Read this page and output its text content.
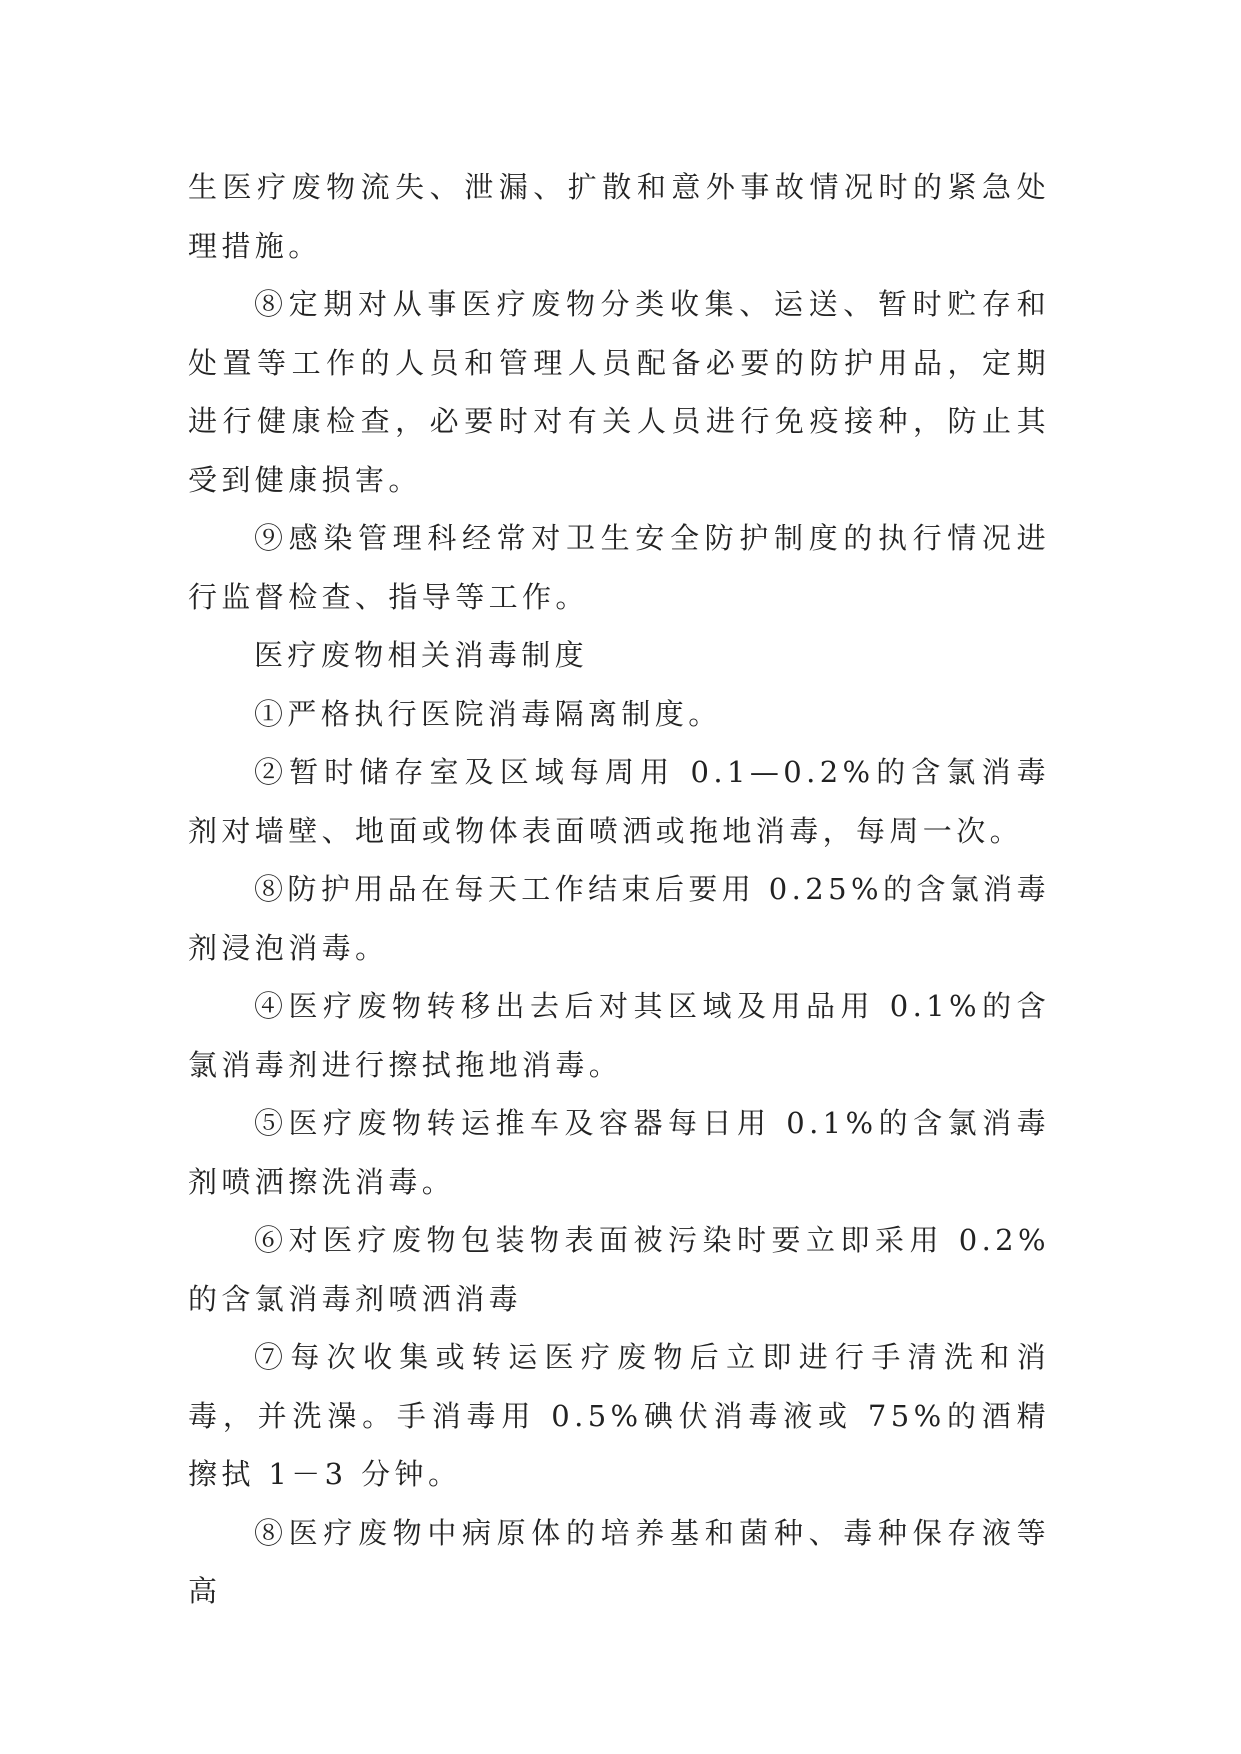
生医疗废物流失、泄漏、扩散和意外事故情况时的紧急处理措施。

⑧定期对从事医疗废物分类收集、运送、暂时贮存和处置等工作的人员和管理人员配备必要的防护用品，定期进行健康检查，必要时对有关人员进行免疫接种，防止其受到健康损害。

⑨感染管理科经常对卫生安全防护制度的执行情况进行监督检查、指导等工作。

医疗废物相关消毒制度

①严格执行医院消毒隔离制度。

②暂时储存室及区域每周用 0.1—0.2%的含氯消毒剂对墙壁、地面或物体表面喷洒或拖地消毒，每周一次。

⑧防护用品在每天工作结束后要用 0.25%的含氯消毒剂浸泡消毒。

④医疗废物转移出去后对其区域及用品用 0.1%的含氯消毒剂进行擦拭拖地消毒。

⑤医疗废物转运推车及容器每日用 0.1%的含氯消毒剂喷洒擦洗消毒。

⑥对医疗废物包装物表面被污染时要立即采用 0.2%的含氯消毒剂喷洒消毒

⑦每次收集或转运医疗废物后立即进行手清洗和消毒，并洗澡。手消毒用 0.5%碘伏消毒液或 75%的酒精擦拭 1－3 分钟。

⑧医疗废物中病原体的培养基和菌种、毒种保存液等高
